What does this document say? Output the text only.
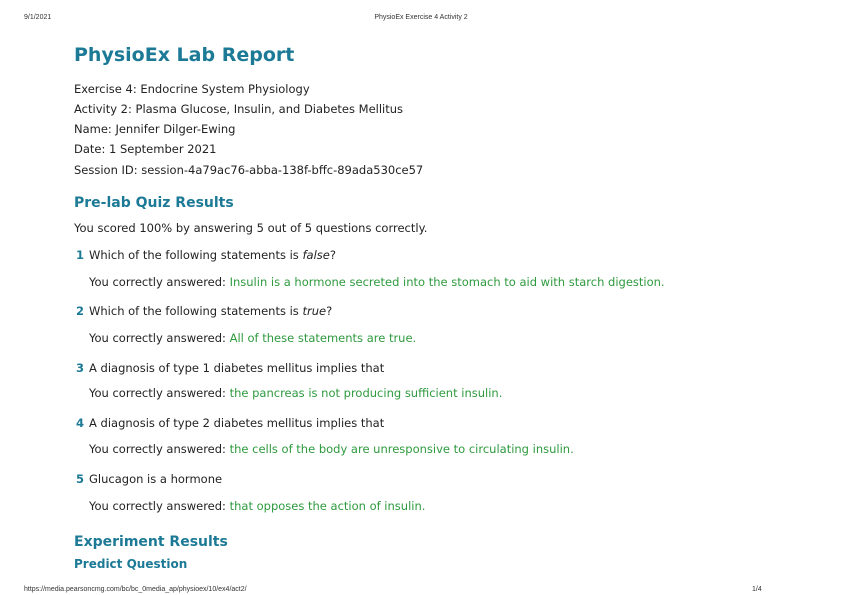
9/1/2021	PhysioEx Exercise 4 Activity 2
PhysioEx Lab Report
Exercise 4: Endocrine System Physiology
Activity 2: Plasma Glucose, Insulin, and Diabetes Mellitus
Name: Jennifer Dilger-Ewing
Date: 1 September 2021
Session ID: session-4a79ac76-abba-138f-bffc-89ada530ce57
Pre-lab Quiz Results
You scored 100% by answering 5 out of 5 questions correctly.
1 Which of the following statements is false?
You correctly answered: Insulin is a hormone secreted into the stomach to aid with starch digestion.
2 Which of the following statements is true?
You correctly answered: All of these statements are true.
3 A diagnosis of type 1 diabetes mellitus implies that
You correctly answered: the pancreas is not producing sufficient insulin.
4 A diagnosis of type 2 diabetes mellitus implies that
You correctly answered: the cells of the body are unresponsive to circulating insulin.
5 Glucagon is a hormone
You correctly answered: that opposes the action of insulin.
Experiment Results
Predict Question
https://media.pearsoncmg.com/bc/bc_0media_ap/physioex/10/ex4/act2/	1/4
